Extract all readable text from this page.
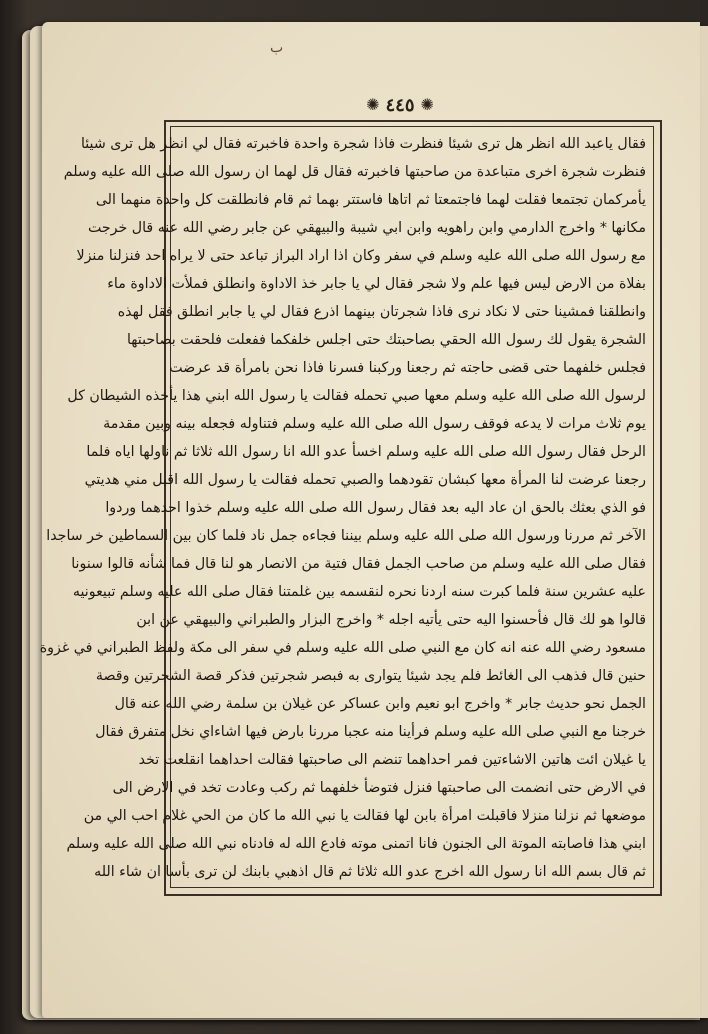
ب
✺ ٤٤٥ ✺
فقال ياعبد الله انظر هل ترى شيئا فنظرت فاذا شجرة واحدة فاخبرته فقال لي انظر هل ترى شيئا
فنظرت شجرة اخرى متباعدة من صاحبتها فاخبرته فقال قل لهما ان رسول الله صلى الله عليه وسلم
يأمركمان تجتمعا فقلت لهما فاجتمعتا ثم اتاها فاستتر بهما ثم قام فانطلقت كل واحدة منهما الى
مكانها * واخرج الدارمي وابن راهويه وابن ابي شيبة والبيهقي عن جابر رضي الله عنه قال خرجت
مع رسول الله صلى الله عليه وسلم في سفر وكان اذا اراد البراز تباعد حتى لا يراه احد فنزلنا منزلا
بفلاة من الارض ليس فيها علم ولا شجر فقال لي يا جابر خذ الاداوة وانطلق فملأت الاداوة ماء
وانطلقنا فمشينا حتى لا نكاد نرى فاذا شجرتان بينهما اذرع فقال لي يا جابر انطلق فقل لهذه
الشجرة يقول لك رسول الله الحقي بصاحبتك حتى اجلس خلفكما ففعلت فلحقت بصاحبتها
فجلس خلفهما حتى قضى حاجته ثم رجعنا وركبنا فسرنا فاذا نحن بامرأة قد عرضت
لرسول الله صلى الله عليه وسلم معها صبي تحمله فقالت يا رسول الله ابني هذا يأخذه الشيطان كل
يوم ثلاث مرات لا يدعه فوقف رسول الله صلى الله عليه وسلم فتناوله فجعله بينه وبين مقدمة
الرحل فقال رسول الله صلى الله عليه وسلم اخسأ عدو الله انا رسول الله ثلاثا ثم ناولها اياه فلما
رجعنا عرضت لنا المرأة معها كبشان تقودهما والصبي تحمله فقالت يا رسول الله اقبل مني هديتي
فو الذي بعثك بالحق ان عاد اليه بعد فقال رسول الله صلى الله عليه وسلم خذوا احدهما وردوا
الآخر ثم مررنا ورسول الله صلى الله عليه وسلم بيننا فجاءه جمل ناد فلما كان بين السماطين خر ساجدا
فقال صلى الله عليه وسلم من صاحب الجمل فقال فتية من الانصار هو لنا قال فما شأنه قالوا سنونا
عليه عشرين سنة فلما كبرت سنه اردنا نحره لنقسمه بين غلمتنا فقال صلى الله عليه وسلم تبيعونيه
قالوا هو لك قال فأحسنوا اليه حتى يأتيه اجله * واخرج البزار والطبراني والبيهقي عن ابن
مسعود رضي الله عنه انه كان مع النبي صلى الله عليه وسلم في سفر الى مكة ولفظ الطبراني في غزوة
حنين قال فذهب الى الغائط فلم يجد شيئا يتوارى به فبصر شجرتين فذكر قصة الشجرتين وقصة
الجمل نحو حديث جابر * واخرج ابو نعيم وابن عساكر عن غيلان بن سلمة رضي الله عنه قال
خرجنا مع النبي صلى الله عليه وسلم فرأينا منه عجبا مررنا بارض فيها اشاءاي نخل متفرق فقال
يا غيلان ائت هاتين الاشاءتين فمر احداهما تنضم الى صاحبتها فقالت احداهما انقلعت تخد
في الارض حتى انضمت الى صاحبتها فنزل فتوضأ خلفهما ثم ركب وعادت تخد في الارض الى
موضعها ثم نزلنا منزلا فاقبلت امرأة بابن لها فقالت يا نبي الله ما كان من الحي غلام احب الي من
ابني هذا فاصابته الموتة الى الجنون فانا اتمنى موته فادع الله له فادناه نبي الله صلى الله عليه وسلم
ثم قال بسم الله انا رسول الله اخرج عدو الله ثلاثا ثم قال اذهبي بابنك لن ترى بأسا ان شاء الله
